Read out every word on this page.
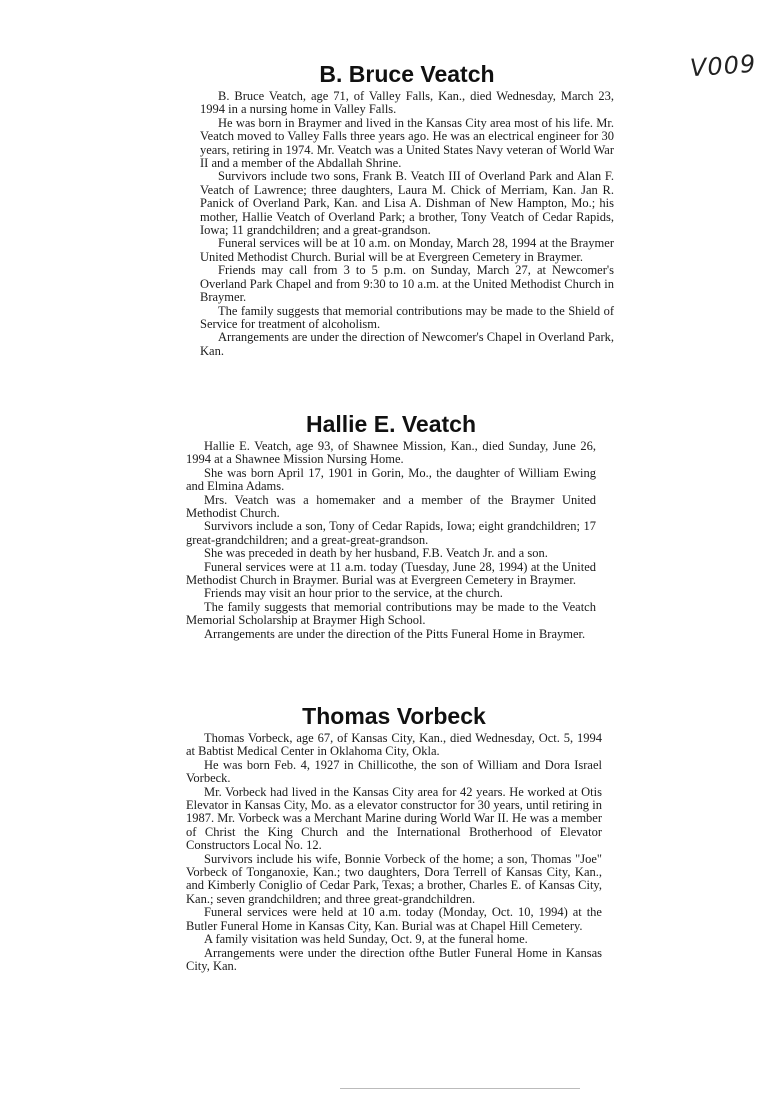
V009
B. Bruce Veatch

B. Bruce Veatch, age 71, of Valley Falls, Kan., died Wednesday, March 23, 1994 in a nursing home in Valley Falls.

He was born in Braymer and lived in the Kansas City area most of his life. Mr. Veatch moved to Valley Falls three years ago. He was an electrical engineer for 30 years, retiring in 1974. Mr. Veatch was a United States Navy veteran of World War II and a member of the Abdallah Shrine.

Survivors include two sons, Frank B. Veatch III of Overland Park and Alan F. Veatch of Lawrence; three daughters, Laura M. Chick of Merriam, Kan. Jan R. Panick of Overland Park, Kan. and Lisa A. Dishman of New Hampton, Mo.; his mother, Hallie Veatch of Overland Park; a brother, Tony Veatch of Cedar Rapids, Iowa; 11 grandchildren; and a great-grandson.

Funeral services will be at 10 a.m. on Monday, March 28, 1994 at the Braymer United Methodist Church. Burial will be at Evergreen Cemetery in Braymer.

Friends may call from 3 to 5 p.m. on Sunday, March 27, at Newcomer's Overland Park Chapel and from 9:30 to 10 a.m. at the United Methodist Church in Braymer.

The family suggests that memorial contributions may be made to the Shield of Service for treatment of alcoholism.

Arrangements are under the direction of Newcomer's Chapel in Overland Park, Kan.

Hallie E. Veatch

Hallie E. Veatch, age 93, of Shawnee Mission, Kan., died Sunday, June 26, 1994 at a Shawnee Mission Nursing Home.

She was born April 17, 1901 in Gorin, Mo., the daughter of William Ewing and Elmina Adams.

Mrs. Veatch was a homemaker and a member of the Braymer United Methodist Church.

Survivors include a son, Tony of Cedar Rapids, Iowa; eight grandchildren; 17 great-grandchildren; and a great-great-grandson.

She was preceded in death by her husband, F.B. Veatch Jr. and a son.

Funeral services were at 11 a.m. today (Tuesday, June 28, 1994) at the United Methodist Church in Braymer. Burial was at Evergreen Cemetery in Braymer.

Friends may visit an hour prior to the service, at the church.

The family suggests that memorial contributions may be made to the Veatch Memorial Scholarship at Braymer High School.

Arrangements are under the direction of the Pitts Funeral Home in Braymer.

Thomas Vorbeck

Thomas Vorbeck, age 67, of Kansas City, Kan., died Wednesday, Oct. 5, 1994 at Babtist Medical Center in Oklahoma City, Okla.

He was born Feb. 4, 1927 in Chillicothe, the son of William and Dora Israel Vorbeck.

Mr. Vorbeck had lived in the Kansas City area for 42 years. He worked at Otis Elevator in Kansas City, Mo. as a elevator constructor for 30 years, until retiring in 1987. Mr. Vorbeck was a Merchant Marine during World War II. He was a member of Christ the King Church and the International Brotherhood of Elevator Constructors Local No. 12.

Survivors include his wife, Bonnie Vorbeck of the home; a son, Thomas "Joe" Vorbeck of Tonganoxie, Kan.; two daughters, Dora Terrell of Kansas City, Kan., and Kimberly Coniglio of Cedar Park, Texas; a brother, Charles E. of Kansas City, Kan.; seven grandchildren; and three great-grandchildren.

Funeral services were held at 10 a.m. today (Monday, Oct. 10, 1994) at the Butler Funeral Home in Kansas City, Kan. Burial was at Chapel Hill Cemetery.

A family visitation was held Sunday, Oct. 9, at the funeral home.

Arrangements were under the direction ofthe Butler Funeral Home in Kansas City, Kan.
